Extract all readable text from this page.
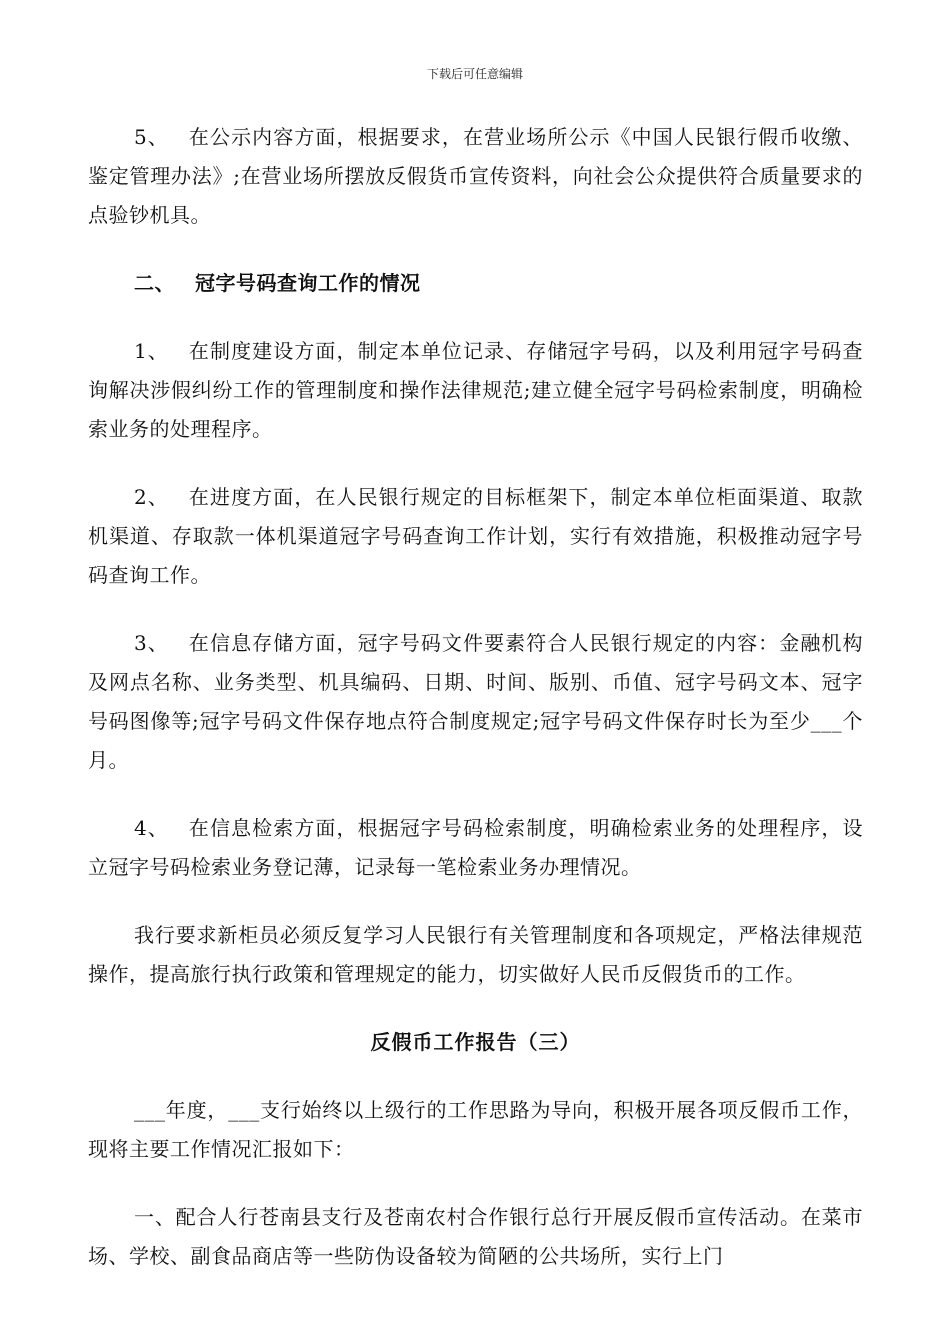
下载后可任意编辑

5、 在公示内容方面，根据要求，在营业场所公示《中国人民银行假币收缴、鉴定管理办法》;在营业场所摆放反假货币宣传资料，向社会公众提供符合质量要求的点验钞机具。

二、 冠字号码查询工作的情况

1、 在制度建设方面，制定本单位记录、存储冠字号码，以及利用冠字号码查询解决涉假纠纷工作的管理制度和操作法律规范;建立健全冠字号码检索制度，明确检索业务的处理程序。

2、 在进度方面，在人民银行规定的目标框架下，制定本单位柜面渠道、取款机渠道、存取款一体机渠道冠字号码查询工作计划，实行有效措施，积极推动冠字号码查询工作。

3、 在信息存储方面，冠字号码文件要素符合人民银行规定的内容：金融机构及网点名称、业务类型、机具编码、日期、时间、版别、币值、冠字号码文本、冠字号码图像等;冠字号码文件保存地点符合制度规定;冠字号码文件保存时长为至少___个月。

4、 在信息检索方面，根据冠字号码检索制度，明确检索业务的处理程序，设立冠字号码检索业务登记薄，记录每一笔检索业务办理情况。

我行要求新柜员必须反复学习人民银行有关管理制度和各项规定，严格法律规范操作，提高旅行执行政策和管理规定的能力，切实做好人民币反假货币的工作。

反假币工作报告（三）

___年度，___支行始终以上级行的工作思路为导向，积极开展各项反假币工作，现将主要工作情况汇报如下：

一、配合人行苍南县支行及苍南农村合作银行总行开展反假币宣传活动。在菜市场、学校、副食品商店等一些防伪设备较为简陋的公共场所，实行上门
